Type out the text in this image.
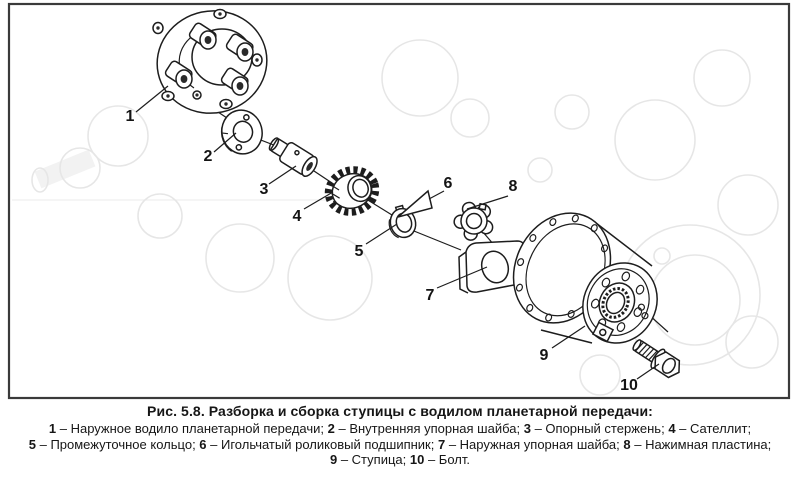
1
2
3
4
5
6
7
8
9
10
Рис. 5.8. Разборка и сборка ступицы с водилом планетарной передачи:
1 – Наружное водило планетарной передачи; 2 – Внутренняя упорная шайба; 3 – Опорный стержень; 4 – Сателлит;
5 – Промежуточное кольцо; 6 – Игольчатый роликовый подшипник; 7 – Наружная упорная шайба; 8 – Нажимная пластина;
9 – Ступица; 10 – Болт.
